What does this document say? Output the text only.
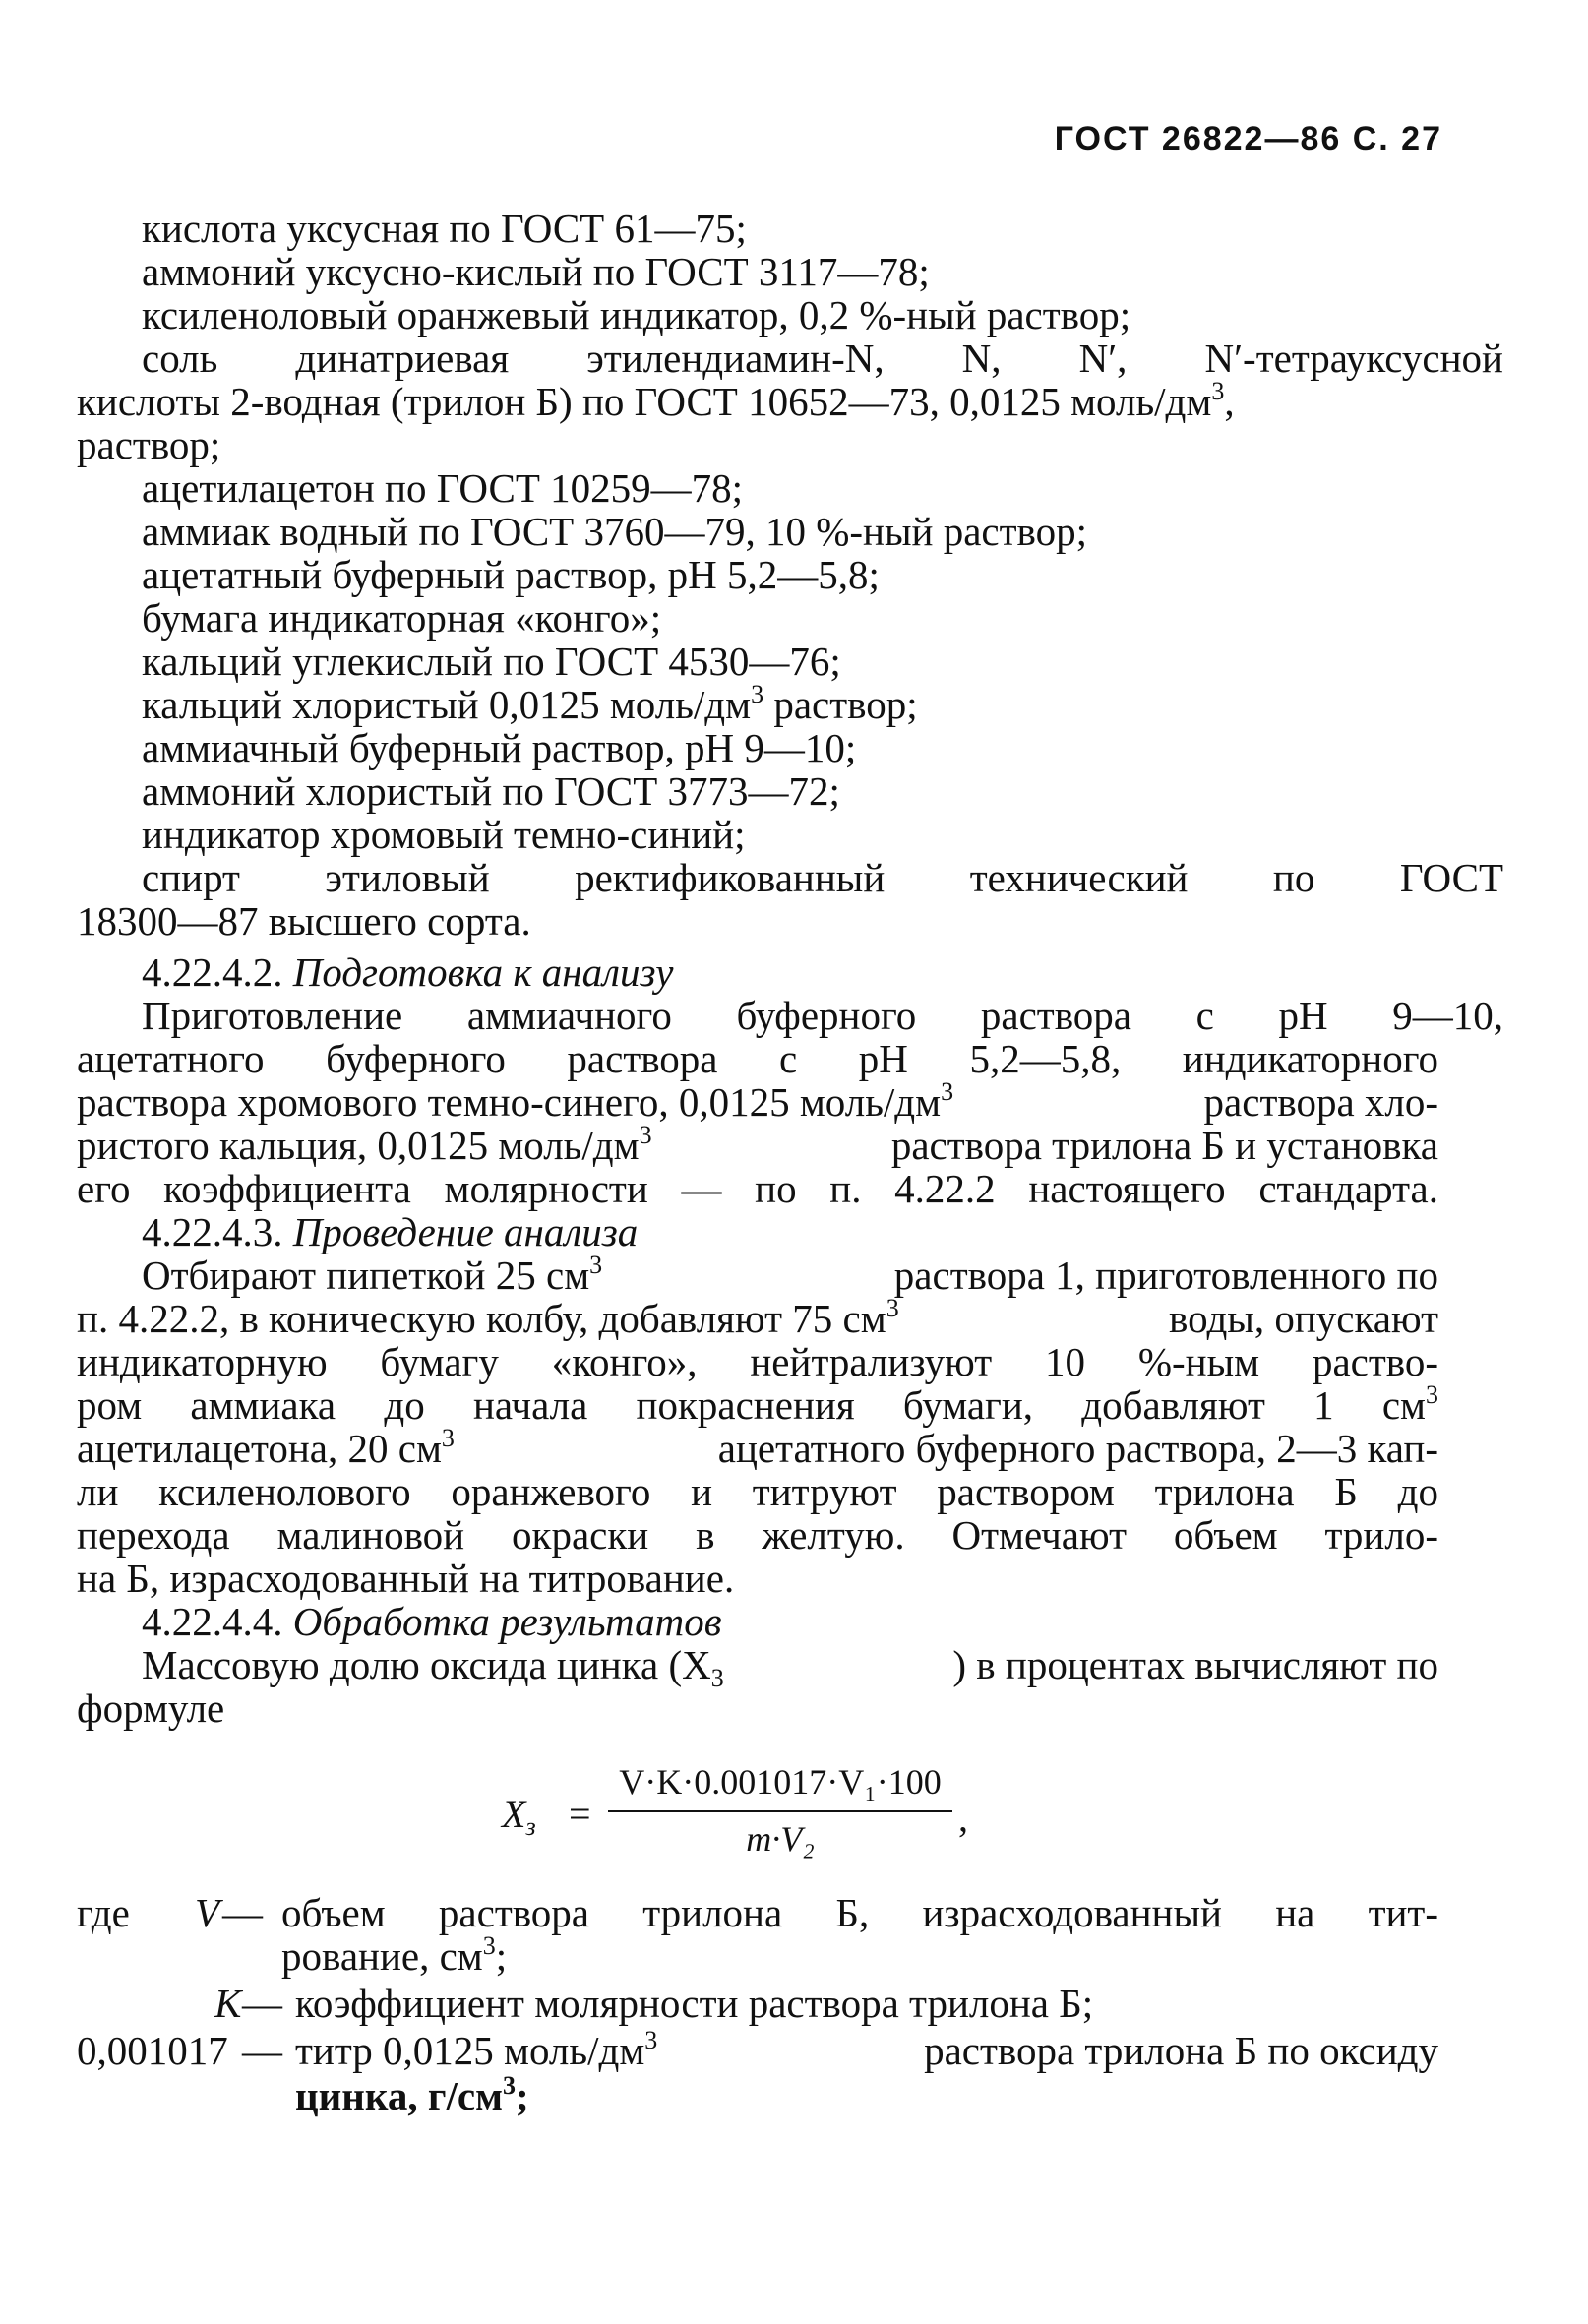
ГОСТ 26822—86 С. 27
кислота уксусная по ГОСТ 61—75;
аммоний уксусно-кислый по ГОСТ 3117—78;
ксиленоловый оранжевый индикатор, 0,2 %-ный раствор;
соль динатриевая этилендиамин-N, N, N′, N′-тетрауксусной
кислоты 2-водная (трилон Б) по ГОСТ 10652—73, 0,0125 моль/$дм^3$,
раствор;
ацетилацетон по ГОСТ 10259—78;
аммиак водный по ГОСТ 3760—79, 10 %-ный раствор;
ацетатный буферный раствор, pH 5,2—5,8;
бумага индикаторная «конго»;
кальций углекислый по ГОСТ 4530—76;
кальций хлористый 0,0125 моль/$дм^3$ раствор;
аммиачный буферный раствор, pH 9—10;
аммоний хлористый по ГОСТ 3773—72;
индикатор хромовый темно-синий;
спирт этиловый ректификованный технический по ГОСТ
18300—87 высшего сорта.
4.22.4.2. Подготовка к анализу
Приготовление аммиачного буферного раствора с pH 9—10,
ацетатного буферного раствора с pH 5,2—5,8, индикаторного
раствора хромового темно-синего, 0,0125 моль/$дм^3$	раствора хло-
ристого кальция, 0,0125 моль/$дм^3$	раствора трилона Б и установка
его коэффициента молярности — по п. 4.22.2 настоящего стандарта.
4.22.4.3. Проведение анализа
Отбирают пипеткой 25 $см^3$	раствора 1, приготовленного по
п. 4.22.2, в коническую колбу, добавляют 75 $см^3$	воды, опускают
индикаторную бумагу «конго», нейтрализуют 10 %-ным раство-
ром аммиака до начала покраснения бумаги, добавляют 1 $см^3$
ацетилацетона, 20 $см^3$	ацетатного буферного раствора, 2—3 кап-
ли ксиленолового оранжевого и титруют раствором трилона Б до
перехода малиновой окраски в желтую. Отмечают объем трило-
на Б, израсходованный на титрование.
4.22.4.4. Обработка результатов
Массовую долю оксида цинка ($X_3$	) в процентах вычисляют по
формуле
$X_з$ =
V·K·0.001017·V₁·100
m·V₂	,
где V — объем раствора трилона Б, израсходованный на тит-
рование, $см^3$;
K — коэффициент молярности раствора трилона Б;
0,001017 — титр 0,0125 моль/$дм^3$	раствора трилона Б по оксиду
цинка, $г/см^3$;
